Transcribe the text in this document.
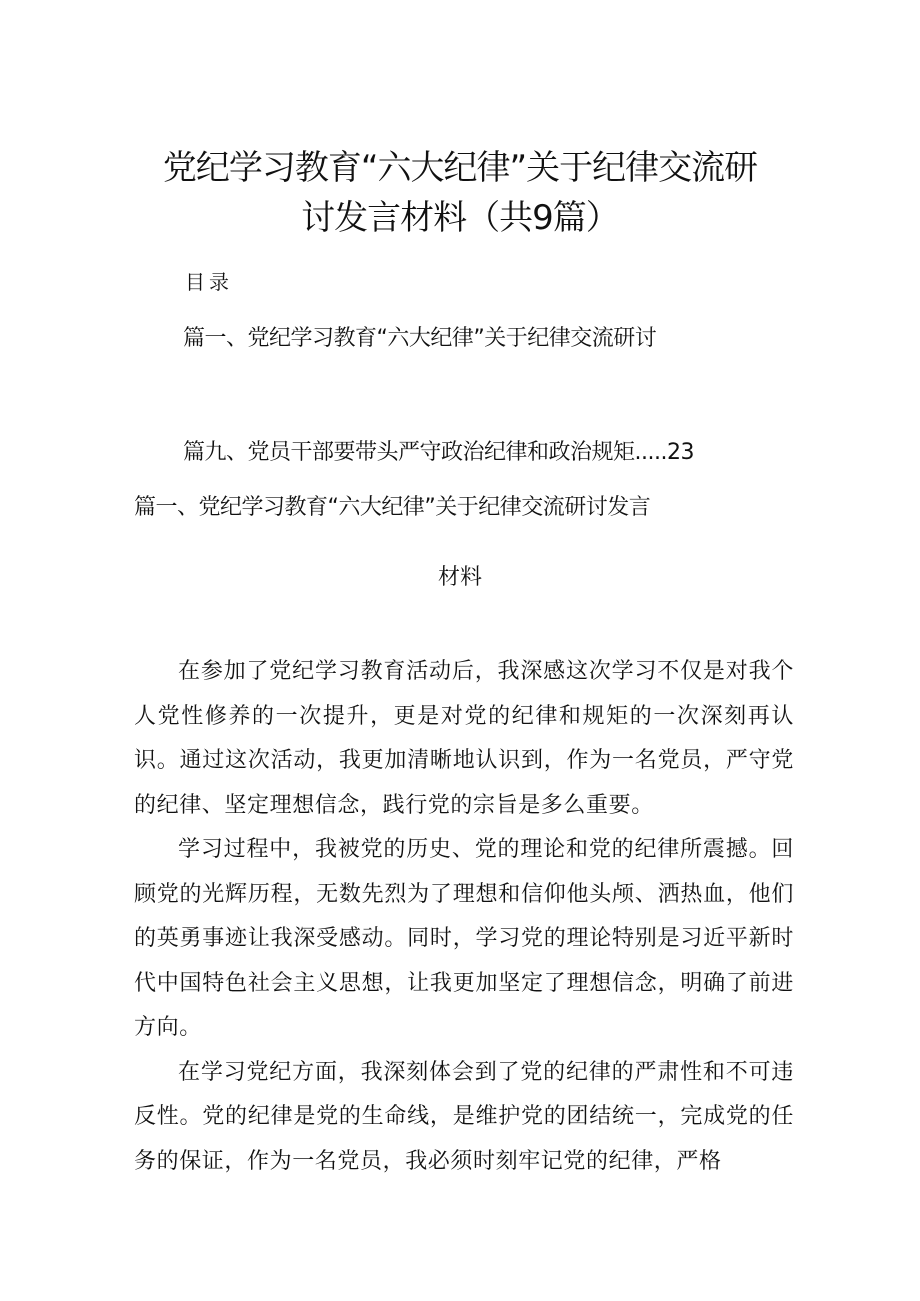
党纪学习教育“六大纪律”关于纪律交流研
讨发言材料（共9篇）
目录
篇一、党纪学习教育“六大纪律”关于纪律交流研讨
篇九、党员干部要带头严守政治纪律和政治规矩.....23
篇一、党纪学习教育“六大纪律”关于纪律交流研讨发言
材料

在参加了党纪学习教育活动后，我深感这次学习不仅是对我个人党性修养的一次提升，更是对党的纪律和规矩的一次深刻再认识。通过这次活动，我更加清晰地认识到，作为一名党员，严守党的纪律、坚定理想信念，践行党的宗旨是多么重要。

学习过程中，我被党的历史、党的理论和党的纪律所震撼。回顾党的光辉历程，无数先烈为了理想和信仰他头颅、洒热血，他们的英勇事迹让我深受感动。同时，学习党的理论特别是习近平新时代中国特色社会主义思想，让我更加坚定了理想信念，明确了前进方向。

在学习党纪方面，我深刻体会到了党的纪律的严肃性和不可违反性。党的纪律是党的生命线，是维护党的团结统一，完成党的任务的保证，作为一名党员，我必须时刻牢记党的纪律，严格
